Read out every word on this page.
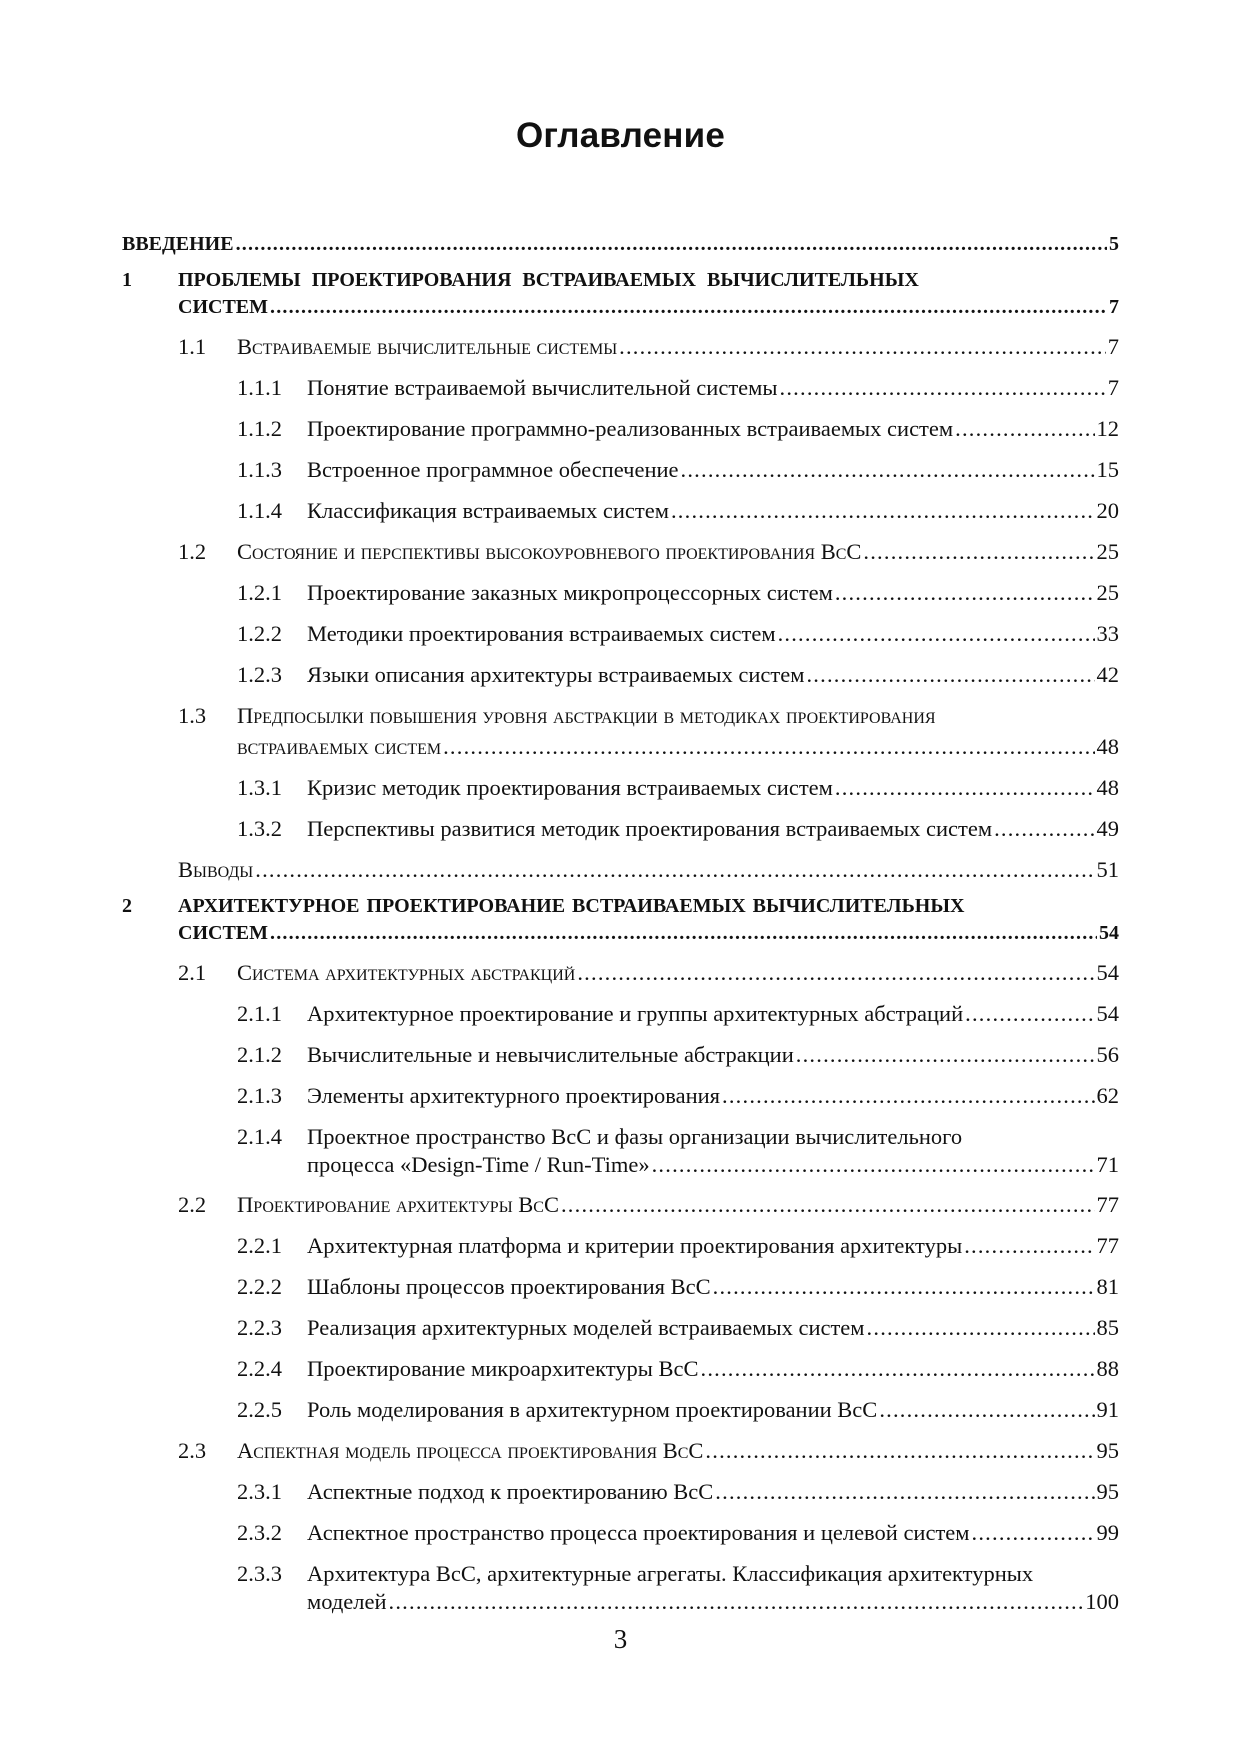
Оглавление
ВВЕДЕНИЕ .....	5
1 ПРОБЛЕМЫ ПРОЕКТИРОВАНИЯ ВСТРАИВАЕМЫХ ВЫЧИСЛИТЕЛЬНЫХ
СИСТЕМ .....	7
1.1 Встраиваемые вычислительные системы .....	7
1.1.1 Понятие встраиваемой вычислительной системы .....	7
1.1.2 Проектирование программно-реализованных встраиваемых систем .....	12
1.1.3 Встроенное программное обеспечение .....	15
1.1.4 Классификация встраиваемых систем .....	20
1.2 Состояние и перспективы высокоуровневого проектирования ВсС .....	25
1.2.1 Проектирование заказных микропроцессорных систем .....	25
1.2.2 Методики проектирования встраиваемых систем .....	33
1.2.3 Языки описания архитектуры встраиваемых систем .....	42
1.3 Предпосылки повышения уровня абстракции в методиках проектирования
встраиваемых систем .....	48
1.3.1 Кризис методик проектирования встраиваемых систем .....	48
1.3.2 Перспективы развитися методик проектирования встраиваемых систем .....	49
Выводы .....	51
2 АРХИТЕКТУРНОЕ ПРОЕКТИРОВАНИЕ ВСТРАИВАЕМЫХ ВЫЧИСЛИТЕЛЬНЫХ
СИСТЕМ .....	54
2.1 Система архитектурных абстракций .....	54
2.1.1 Архитектурное проектирование и группы архитектурных абстраций .....	54
2.1.2 Вычислительные и невычислительные абстракции .....	56
2.1.3 Элементы архитектурного проектирования .....	62
2.1.4 Проектное пространство ВсС и фазы организации вычислительного
процесса «Design-Time / Run-Time» .....	71
2.2 Проектирование архитектуры ВсС .....	77
2.2.1 Архитектурная платформа и критерии проектирования архитектуры .....	77
2.2.2 Шаблоны процессов проектирования ВсС .....	81
2.2.3 Реализация архитектурных моделей встраиваемых систем .....	85
2.2.4 Проектирование микроархитектуры ВсС .....	88
2.2.5 Роль моделирования в архитектурном проектировании ВсС .....	91
2.3 Аспектная модель процесса проектирования ВсС .....	95
2.3.1 Аспектные подход к проектированию ВсС .....	95
2.3.2 Аспектное пространство процесса проектирования и целевой систем .....	99
2.3.3 Архитектура ВсС, архитектурные агрегаты. Классификация архитектурных
моделей .....	100
3
